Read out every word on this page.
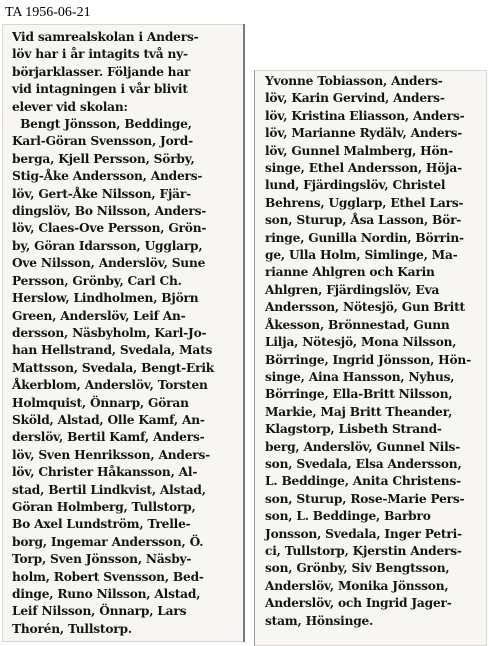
TA 1956-06-21
Vid samrealskolan i Anders-
löv har i år intagits två ny-
börjarklasser. Följande har
vid intagningen i vår blivit
elever vid skolan:
Bengt Jönsson, Beddinge,
Karl-Göran Svensson, Jord-
berga, Kjell Persson, Sörby,
Stig-Åke Andersson, Anders-
löv, Gert-Åke Nilsson, Fjär-
dingslöv, Bo Nilsson, Anders-
löv, Claes-Ove Persson, Grön-
by, Göran Idarsson, Ugglarp,
Ove Nilsson, Anderslöv, Sune
Persson, Grönby, Carl Ch.
Herslow, Lindholmen, Björn
Green, Anderslöv, Leif An-
dersson, Näsbyholm, Karl-Jo-
han Hellstrand, Svedala, Mats
Mattsson, Svedala, Bengt-Erik
Åkerblom, Anderslöv, Torsten
Holmquist, Önnarp, Göran
Sköld, Alstad, Olle Kamf, An-
derslöv, Bertil Kamf, Anders-
löv, Sven Henriksson, Anders-
löv, Christer Håkansson, Al-
stad, Bertil Lindkvist, Alstad,
Göran Holmberg, Tullstorp,
Bo Axel Lundström, Trelle-
borg, Ingemar Andersson, Ö.
Torp, Sven Jönsson, Näsby-
holm, Robert Svensson, Bed-
dinge, Runo Nilsson, Alstad,
Leif Nilsson, Önnarp, Lars
Thorén, Tullstorp.
Yvonne Tobiasson, Anders-
löv, Karin Gervind, Anders-
löv, Kristina Eliasson, Anders-
löv, Marianne Rydälv, Anders-
löv, Gunnel Malmberg, Hön-
singe, Ethel Andersson, Höja-
lund, Fjärdingslöv, Christel
Behrens, Ugglarp, Ethel Lars-
son, Sturup, Åsa Lasson, Bör-
ringe, Gunilla Nordin, Börrin-
ge, Ulla Holm, Simlinge, Ma-
rianne Ahlgren och Karin
Ahlgren, Fjärdingslöv, Eva
Andersson, Nötesjö, Gun Britt
Åkesson, Brönnestad, Gunn
Lilja, Nötesjö, Mona Nilsson,
Börringe, Ingrid Jönsson, Hön-
singe, Aina Hansson, Nyhus,
Börringe, Ella-Britt Nilsson,
Markie, Maj Britt Theander,
Klagstorp, Lisbeth Strand-
berg, Anderslöv, Gunnel Nils-
son, Svedala, Elsa Andersson,
L. Beddinge, Anita Christens-
son, Sturup, Rose-Marie Pers-
son, L. Beddinge, Barbro
Jonsson, Svedala, Inger Petri-
ci, Tullstorp, Kjerstin Anders-
son, Grönby, Siv Bengtsson,
Anderslöv, Monika Jönsson,
Anderslöv, och Ingrid Jager-
stam, Hönsinge.
